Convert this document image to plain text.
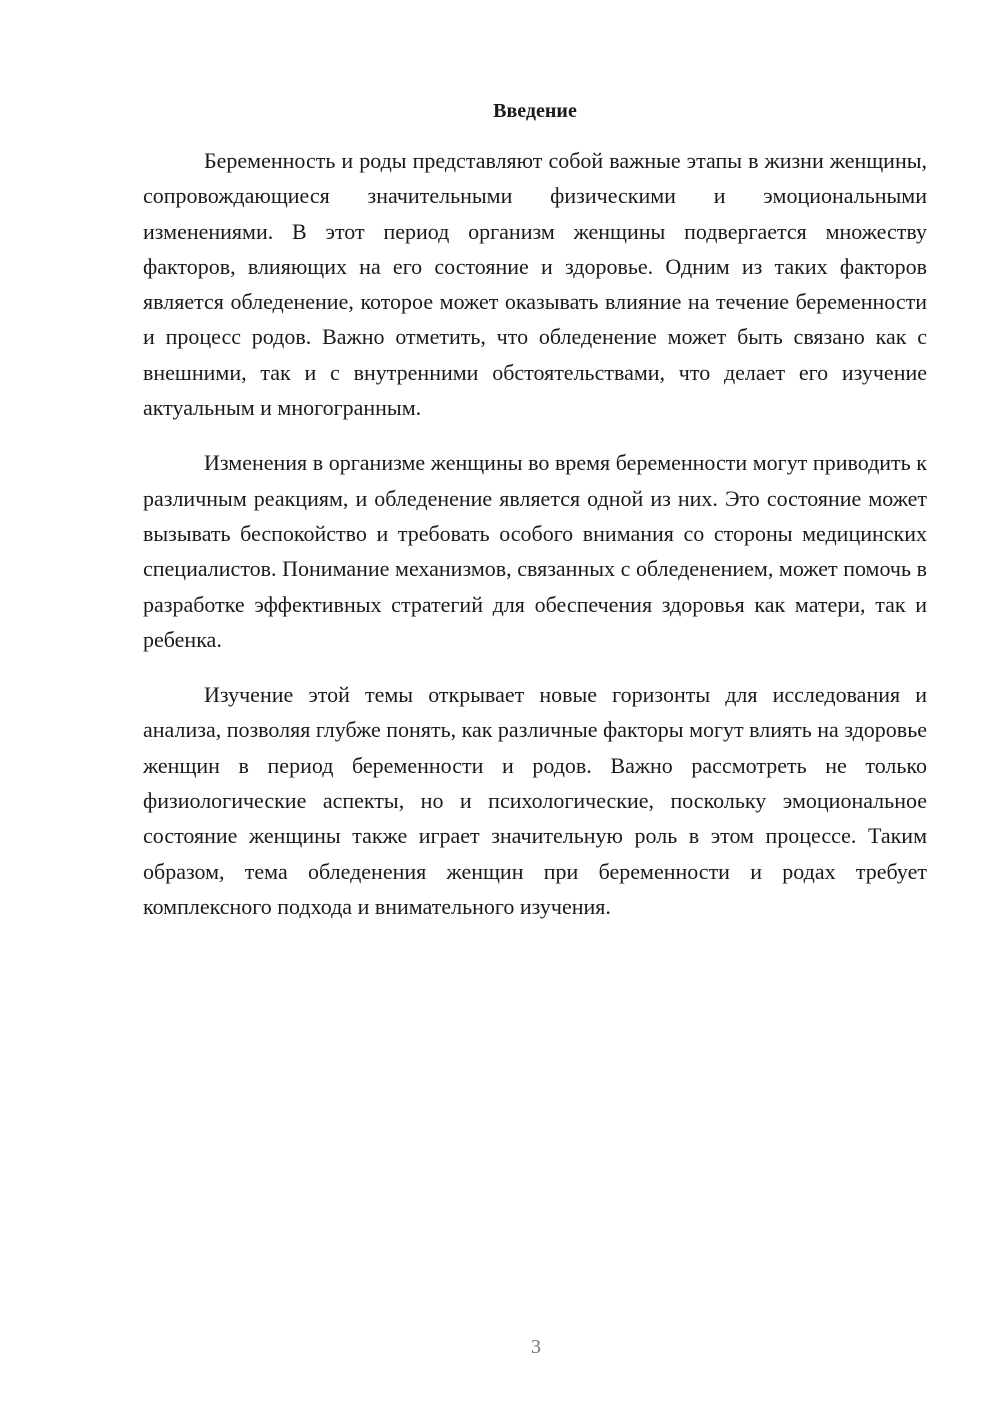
Введение

Беременность и роды представляют собой важные этапы в жизни женщины, сопровождающиеся значительными физическими и эмоциональными изменениями. В этот период организм женщины подвергается множеству факторов, влияющих на его состояние и здоровье. Одним из таких факторов является обледенение, которое может оказывать влияние на течение беременности и процесс родов. Важно отметить, что обледенение может быть связано как с внешними, так и с внутренними обстоятельствами, что делает его изучение актуальным и многогранным.

Изменения в организме женщины во время беременности могут приводить к различным реакциям, и обледенение является одной из них. Это состояние может вызывать беспокойство и требовать особого внимания со стороны медицинских специалистов. Понимание механизмов, связанных с обледенением, может помочь в разработке эффективных стратегий для обеспечения здоровья как матери, так и ребенка.

Изучение этой темы открывает новые горизонты для исследования и анализа, позволяя глубже понять, как различные факторы могут влиять на здоровье женщин в период беременности и родов. Важно рассмотреть не только физиологические аспекты, но и психологические, поскольку эмоциональное состояние женщины также играет значительную роль в этом процессе. Таким образом, тема обледенения женщин при беременности и родах требует комплексного подхода и внимательного изучения.

3
